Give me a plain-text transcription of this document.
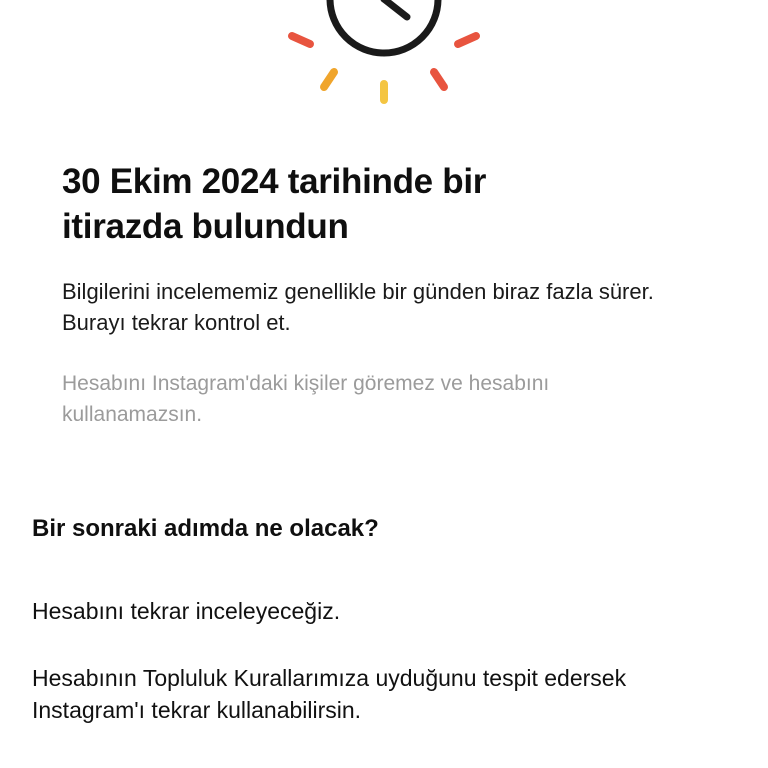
30 Ekim 2024 tarihinde bir itirazda bulundun

Bilgilerini incelememiz genellikle bir günden biraz fazla sürer. Burayı tekrar kontrol et.

Hesabını Instagram'daki kişiler göremez ve hesabını kullanamazsın.

Bir sonraki adımda ne olacak?

Hesabını tekrar inceleyeceğiz.

Hesabının Topluluk Kurallarımıza uyduğunu tespit edersek Instagram'ı tekrar kullanabilirsin.
